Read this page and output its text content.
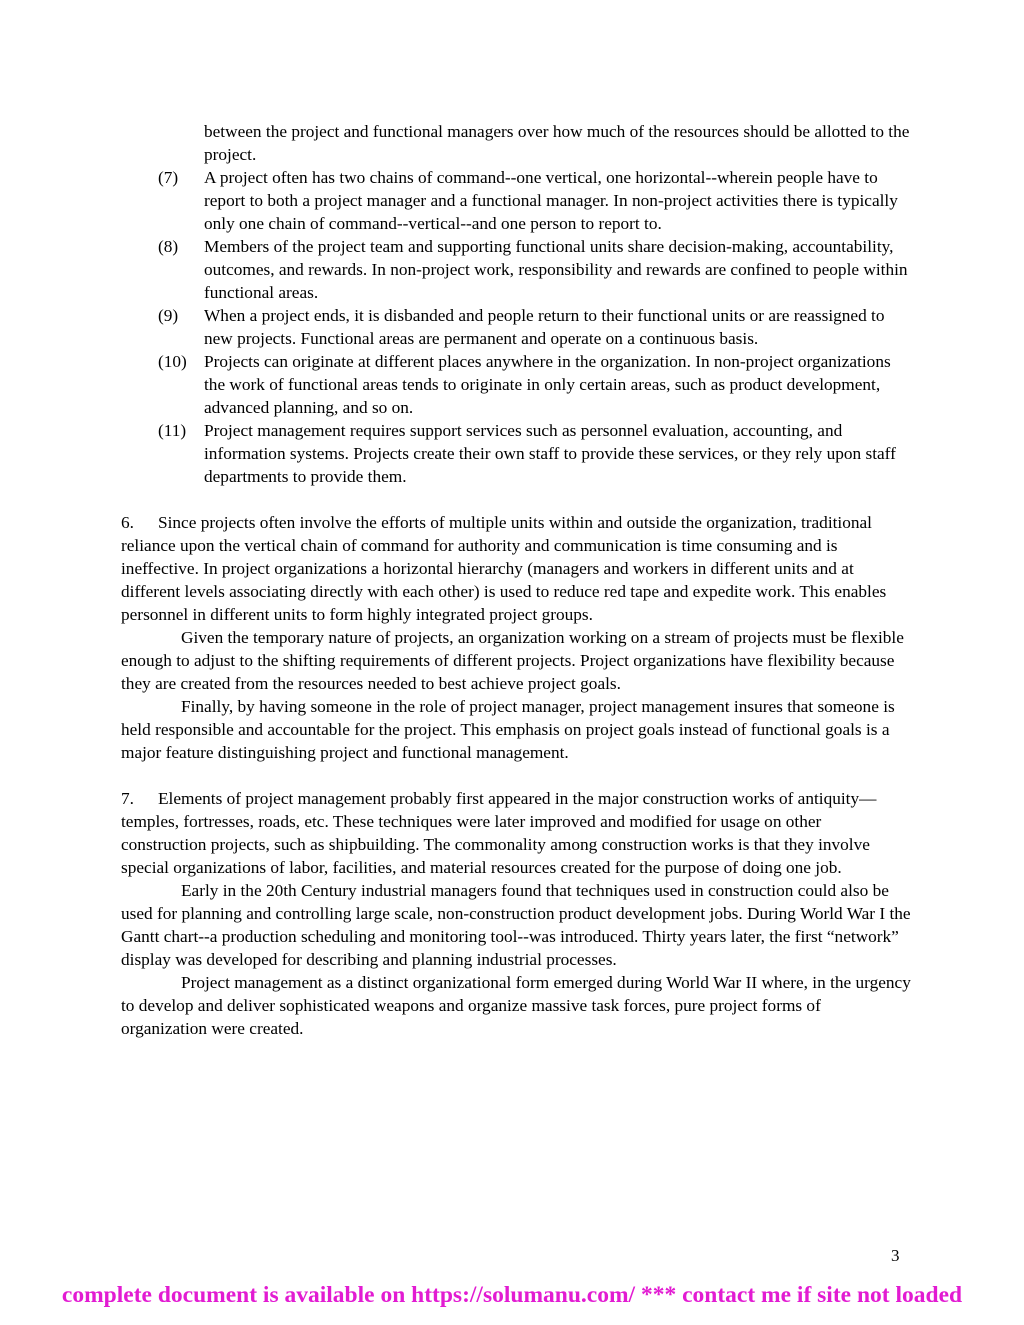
between the project and functional managers over how much of the resources should be allotted to the project.

(7) A project often has two chains of command--one vertical, one horizontal--wherein people have to report to both a project manager and a functional manager. In non-project activities there is typically only one chain of command--vertical--and one person to report to.

(8) Members of the project team and supporting functional units share decision-making, accountability, outcomes, and rewards. In non-project work, responsibility and rewards are confined to people within functional areas.

(9) When a project ends, it is disbanded and people return to their functional units or are reassigned to new projects. Functional areas are permanent and operate on a continuous basis.

(10) Projects can originate at different places anywhere in the organization. In non-project organizations the work of functional areas tends to originate in only certain areas, such as product development, advanced planning, and so on.

(11) Project management requires support services such as personnel evaluation, accounting, and information systems. Projects create their own staff to provide these services, or they rely upon staff departments to provide them.

6. Since projects often involve the efforts of multiple units within and outside the organization, traditional reliance upon the vertical chain of command for authority and communication is time consuming and is ineffective. In project organizations a horizontal hierarchy (managers and workers in different units and at different levels associating directly with each other) is used to reduce red tape and expedite work. This enables personnel in different units to form highly integrated project groups.

Given the temporary nature of projects, an organization working on a stream of projects must be flexible enough to adjust to the shifting requirements of different projects. Project organizations have flexibility because they are created from the resources needed to best achieve project goals.

Finally, by having someone in the role of project manager, project management insures that someone is held responsible and accountable for the project. This emphasis on project goals instead of functional goals is a major feature distinguishing project and functional management.

7. Elements of project management probably first appeared in the major construction works of antiquity—temples, fortresses, roads, etc. These techniques were later improved and modified for usage on other construction projects, such as shipbuilding. The commonality among construction works is that they involve special organizations of labor, facilities, and material resources created for the purpose of doing one job.

Early in the 20th Century industrial managers found that techniques used in construction could also be used for planning and controlling large scale, non-construction product development jobs. During World War I the Gantt chart--a production scheduling and monitoring tool--was introduced. Thirty years later, the first “network” display was developed for describing and planning industrial processes.

Project management as a distinct organizational form emerged during World War II where, in the urgency to develop and deliver sophisticated weapons and organize massive task forces, pure project forms of organization were created.

3
complete document is available on https://solumanu.com/ *** contact me if site not loaded
